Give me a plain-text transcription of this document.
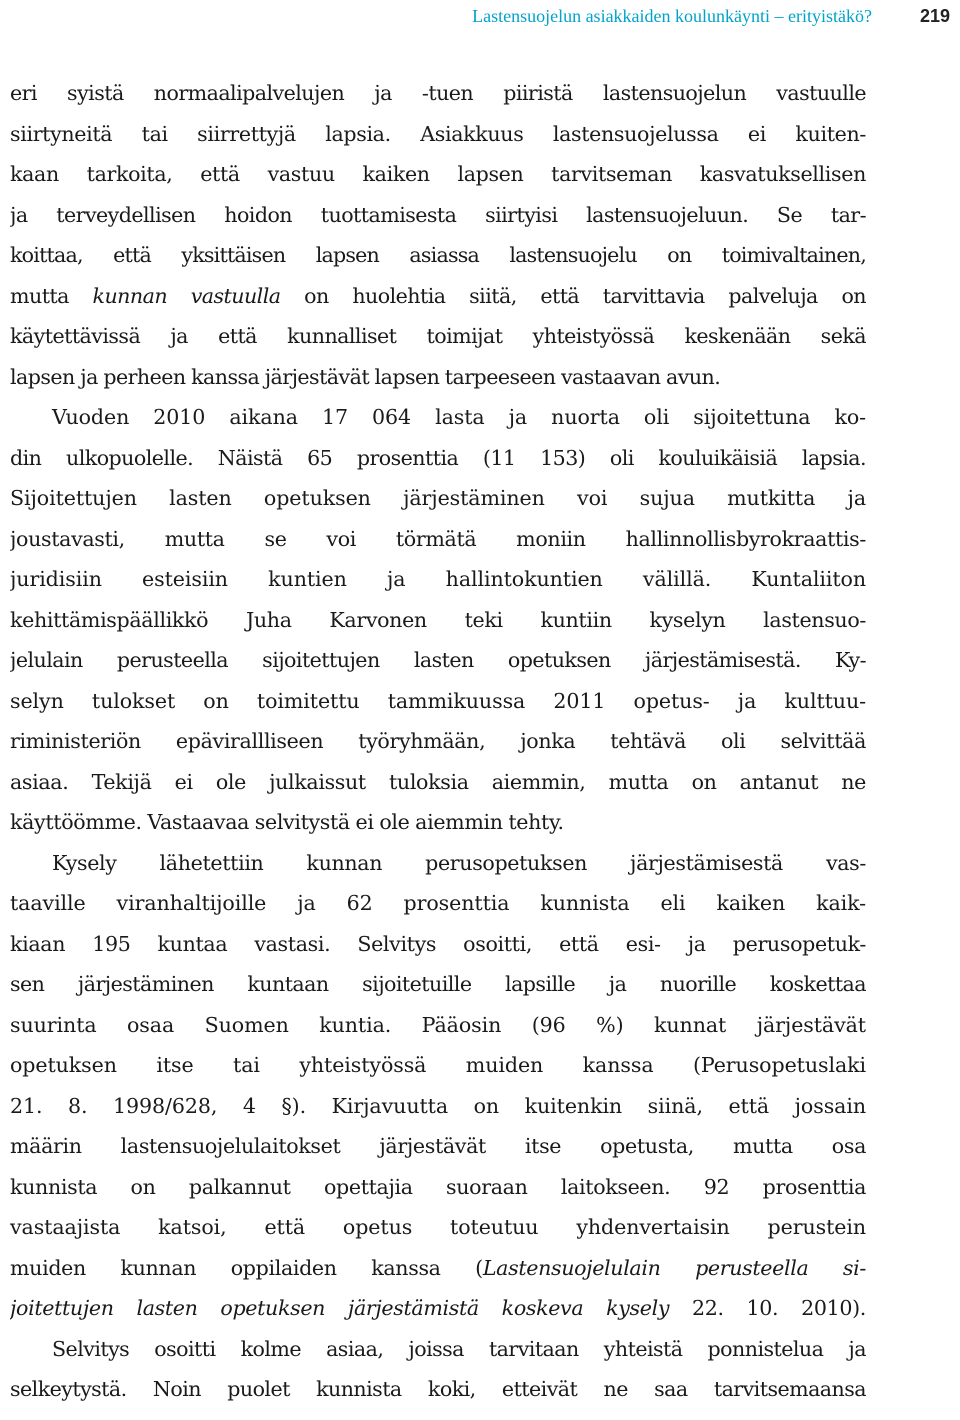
Lastensuojelun asiakkaiden koulunkäynti – erityistäkö?	219
eri syistä normaalipalvelujen ja -tuen piiristä lastensuojelun vastuulle
siirtyneitä tai siirrettyjä lapsia. Asiakkuus lastensuojelussa ei kuiten-
kaan tarkoita, että vastuu kaiken lapsen tarvitseman kasvatuksellisen
ja terveydellisen hoidon tuottamisesta siirtyisi lastensuojeluun. Se tar-
koittaa, että yksittäisen lapsen asiassa lastensuojelu on toimivaltainen,
mutta kunnan vastuulla on huolehtia siitä, että tarvittavia palveluja on
käytettävissä ja että kunnalliset toimijat yhteistyössä keskenään sekä
lapsen ja perheen kanssa järjestävät lapsen tarpeeseen vastaavan avun.
Vuoden 2010 aikana 17 064 lasta ja nuorta oli sijoitettuna ko-
din ulkopuolelle. Näistä 65 prosenttia (11 153) oli kouluikäisiä lapsia.
Sijoitettujen lasten opetuksen järjestäminen voi sujua mutkitta ja
joustavasti, mutta se voi törmätä moniin hallinnollisbyrokraattis-
juridisiin esteisiin kuntien ja hallintokuntien välillä. Kuntaliiton
kehittämispäällikkö Juha Karvonen teki kuntiin kyselyn lastensuo-
jelulain perusteella sijoitettujen lasten opetuksen järjestämisestä. Ky-
selyn tulokset on toimitettu tammikuussa 2011 opetus- ja kulttuu-
riministeriön epävirallliseen työryhmään, jonka tehtävä oli selvittää
asiaa. Tekijä ei ole julkaissut tuloksia aiemmin, mutta on antanut ne
käyttöömme. Vastaavaa selvitystä ei ole aiemmin tehty.
Kysely lähetettiin kunnan perusopetuksen järjestämisestä vas-
taaville viranhaltijoille ja 62 prosenttia kunnista eli kaiken kaik-
kiaan 195 kuntaa vastasi. Selvitys osoitti, että esi- ja perusopetuk-
sen järjestäminen kuntaan sijoitetuille lapsille ja nuorille koskettaa
suurinta osaa Suomen kuntia. Pääosin (96 %) kunnat järjestävät
opetuksen itse tai yhteistyössä muiden kanssa (Perusopetuslaki
21. 8. 1998/628, 4 §). Kirjavuutta on kuitenkin siinä, että jossain
määrin lastensuojelulaitokset järjestävät itse opetusta, mutta osa
kunnista on palkannut opettajia suoraan laitokseen. 92 prosenttia
vastaajista katsoi, että opetus toteutuu yhdenvertaisin perustein
muiden kunnan oppilaiden kanssa (Lastensuojelulain perusteella si-
joitettujen lasten opetuksen järjestämistä koskeva kysely 22. 10. 2010).
Selvitys osoitti kolme asiaa, joissa tarvitaan yhteistä ponnistelua ja
selkeytystä. Noin puolet kunnista koki, etteivät ne saa tarvitsemaansa
